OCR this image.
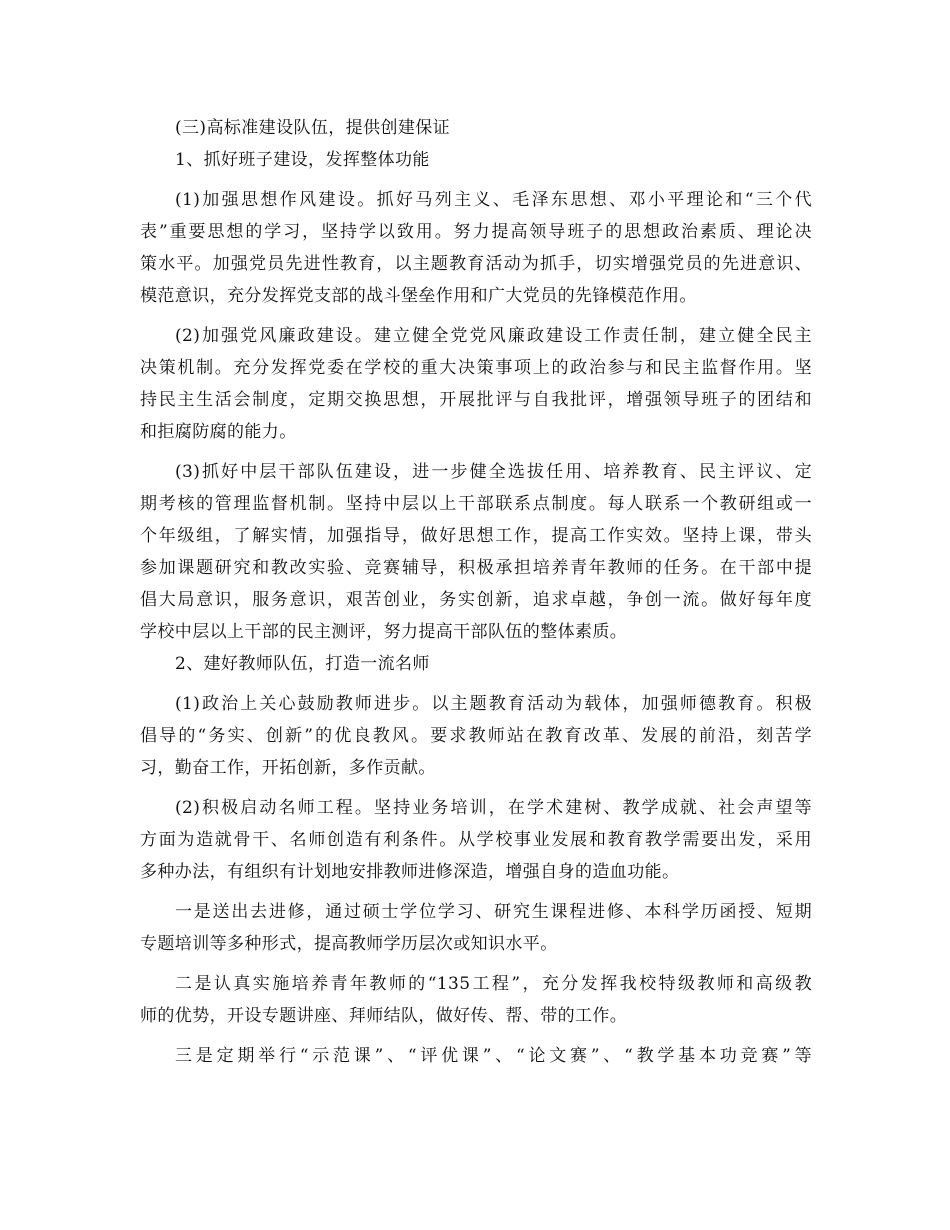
(三)高标准建设队伍，提供创建保证
1、抓好班子建设，发挥整体功能
(1)加强思想作风建设。抓好马列主义、毛泽东思想、邓小平理论和“三个代
表”重要思想的学习，坚持学以致用。努力提高领导班子的思想政治素质、理论决
策水平。加强党员先进性教育，以主题教育活动为抓手，切实增强党员的先进意识、
模范意识，充分发挥党支部的战斗堡垒作用和广大党员的先锋模范作用。
(2)加强党风廉政建设。建立健全党党风廉政建设工作责任制，建立健全民主
决策机制。充分发挥党委在学校的重大决策事项上的政治参与和民主监督作用。坚
持民主生活会制度，定期交换思想，开展批评与自我批评，增强领导班子的团结和
和拒腐防腐的能力。
(3)抓好中层干部队伍建设，进一步健全选拔任用、培养教育、民主评议、定
期考核的管理监督机制。坚持中层以上干部联系点制度。每人联系一个教研组或一
个年级组，了解实情，加强指导，做好思想工作，提高工作实效。坚持上课，带头
参加课题研究和教改实验、竞赛辅导，积极承担培养青年教师的任务。在干部中提
倡大局意识，服务意识，艰苦创业，务实创新，追求卓越，争创一流。做好每年度
学校中层以上干部的民主测评，努力提高干部队伍的整体素质。
2、建好教师队伍，打造一流名师
(1)政治上关心鼓励教师进步。以主题教育活动为载体，加强师德教育。积极
倡导的“务实、创新”的优良教风。要求教师站在教育改革、发展的前沿，刻苦学
习，勤奋工作，开拓创新，多作贡献。
(2)积极启动名师工程。坚持业务培训，在学术建树、教学成就、社会声望等
方面为造就骨干、名师创造有利条件。从学校事业发展和教育教学需要出发，采用
多种办法，有组织有计划地安排教师进修深造，增强自身的造血功能。
一是送出去进修，通过硕士学位学习、研究生课程进修、本科学历函授、短期
专题培训等多种形式，提高教师学历层次或知识水平。
二是认真实施培养青年教师的“135工程”，充分发挥我校特级教师和高级教
师的优势，开设专题讲座、拜师结队，做好传、帮、带的工作。
三是定期举行“示范课”、“评优课”、“论文赛”、“教学基本功竞赛”等
